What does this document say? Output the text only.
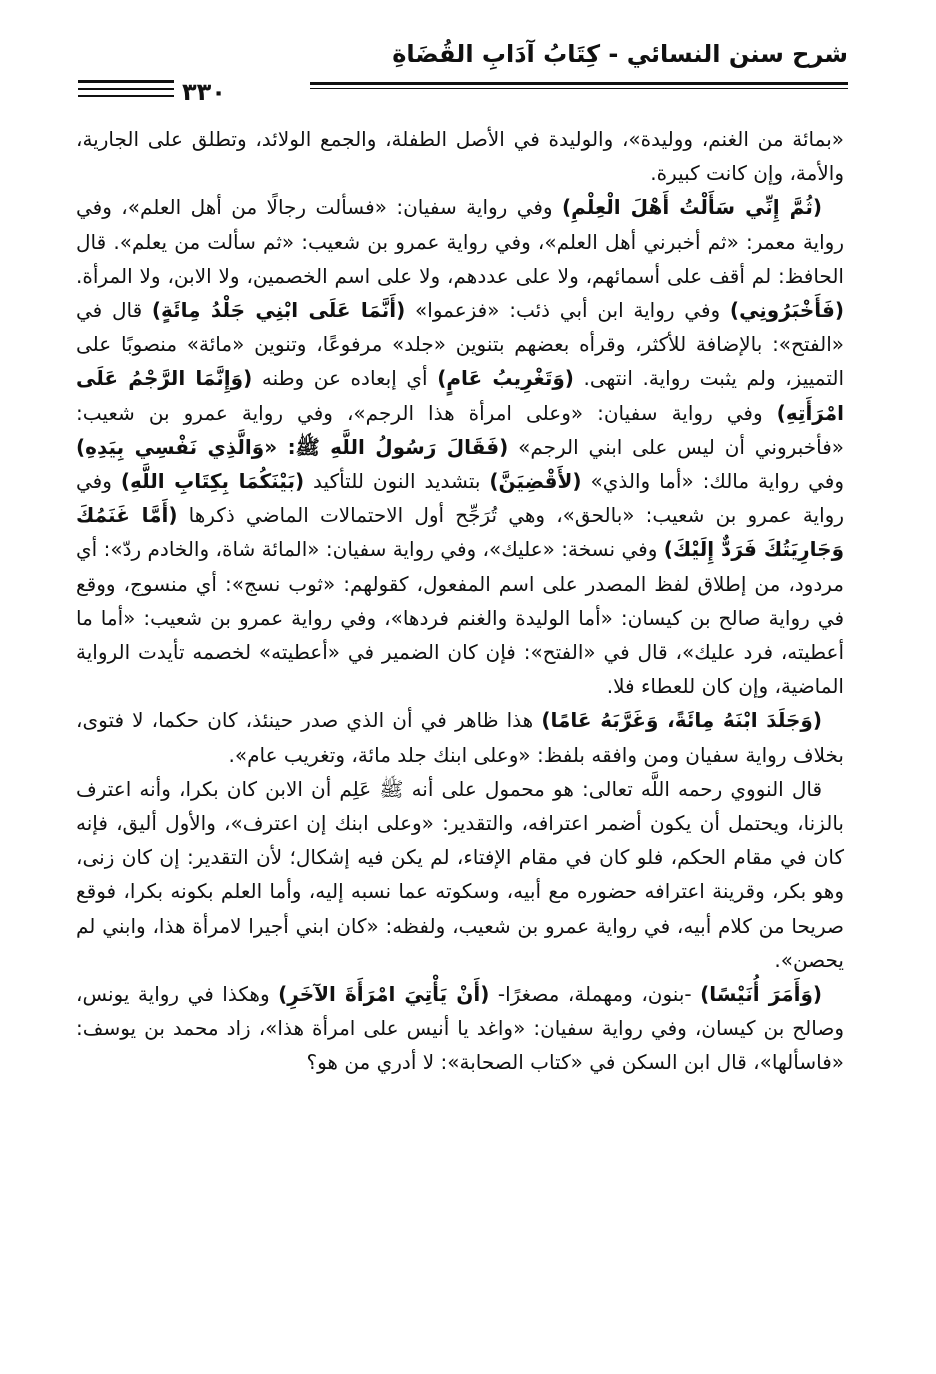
شرح سنن النسائي - كِتَابُ آدَابِ القُضَاةِ
٣٣٠

«بمائة من الغنم، ووليدة»، والوليدة في الأصل الطفلة، والجمع الولائد، وتطلق على الجارية، والأمة، وإن كانت كبيرة.

(ثُمَّ إِنِّي سَأَلْتُ أَهْلَ الْعِلْمِ) وفي رواية سفيان: «فسألت رجالًا من أهل العلم»، وفي رواية معمر: «ثم أخبرني أهل العلم»، وفي رواية عمرو بن شعيب: «ثم سألت من يعلم». قال الحافظ: لم أقف على أسمائهم، ولا على عددهم، ولا على اسم الخصمين، ولا الابن، ولا المرأة. (فَأَخْبَرُونِي) وفي رواية ابن أبي ذئب: «فزعموا» (أَنَّمَا عَلَى ابْنِي جَلْدُ مِائَةٍ) قال في «الفتح»: بالإضافة للأكثر، وقرأه بعضهم بتنوين «جلد» مرفوعًا، وتنوين «مائة» منصوبًا على التمييز، ولم يثبت رواية. انتهى. (وَتَغْرِيبُ عَامٍ) أي إبعاده عن وطنه (وَإِنَّمَا الرَّجْمُ عَلَى امْرَأَتِهِ) وفي رواية سفيان: «وعلى امرأة هذا الرجم»، وفي رواية عمرو بن شعيب: «فأخبروني أن ليس على ابني الرجم» (فَقَالَ رَسُولُ اللَّهِ ﷺ: «وَالَّذِي نَفْسِي بِيَدِهِ) وفي رواية مالك: «أما والذي» (لأَقْضِيَنَّ) بتشديد النون للتأكيد (بَيْنَكُمَا بِكِتَابِ اللَّهِ) وفي رواية عمرو بن شعيب: «بالحق»، وهي تُرَجِّح أول الاحتمالات الماضي ذكرها (أَمَّا غَنَمُكَ وَجَارِيَتُكَ فَرَدٌّ إِلَيْكَ) وفي نسخة: «عليك»، وفي رواية سفيان: «المائة شاة، والخادم ردّ»: أي مردود، من إطلاق لفظ المصدر على اسم المفعول، كقولهم: «ثوب نسج»: أي منسوج، ووقع في رواية صالح بن كيسان: «أما الوليدة والغنم فردها»، وفي رواية عمرو بن شعيب: «أما ما أعطيته، فرد عليك»، قال في «الفتح»: فإن كان الضمير في «أعطيته» لخصمه تأيدت الرواية الماضية، وإن كان للعطاء فلا.

(وَجَلَدَ ابْنَهُ مِائَةً، وَغَرَّبَهُ عَامًا) هذا ظاهر في أن الذي صدر حينئذ، كان حكما، لا فتوى، بخلاف رواية سفيان ومن وافقه بلفظ: «وعلى ابنك جلد مائة، وتغريب عام».

قال النووي رحمه اللَّه تعالى: هو محمول على أنه ﷺ عَلِم أن الابن كان بكرا، وأنه اعترف بالزنا، ويحتمل أن يكون أضمر اعترافه، والتقدير: «وعلى ابنك إن اعترف»، والأول أليق، فإنه كان في مقام الحكم، فلو كان في مقام الإفتاء، لم يكن فيه إشكال؛ لأن التقدير: إن كان زنى، وهو بكر، وقرينة اعترافه حضوره مع أبيه، وسكوته عما نسبه إليه، وأما العلم بكونه بكرا، فوقع صريحا من كلام أبيه، في رواية عمرو بن شعيب، ولفظه: «كان ابني أجيرا لامرأة هذا، وابني لم يحصن».

(وَأَمَرَ أُنَيْسًا) -بنون، ومهملة، مصغرًا- (أَنْ يَأْتِيَ امْرَأَةَ الآخَرِ) وهكذا في رواية يونس، وصالح بن كيسان، وفي رواية سفيان: «واغد يا أنيس على امرأة هذا»، زاد محمد بن يوسف: «فاسألها»، قال ابن السكن في «كتاب الصحابة»: لا أدري من هو؟
